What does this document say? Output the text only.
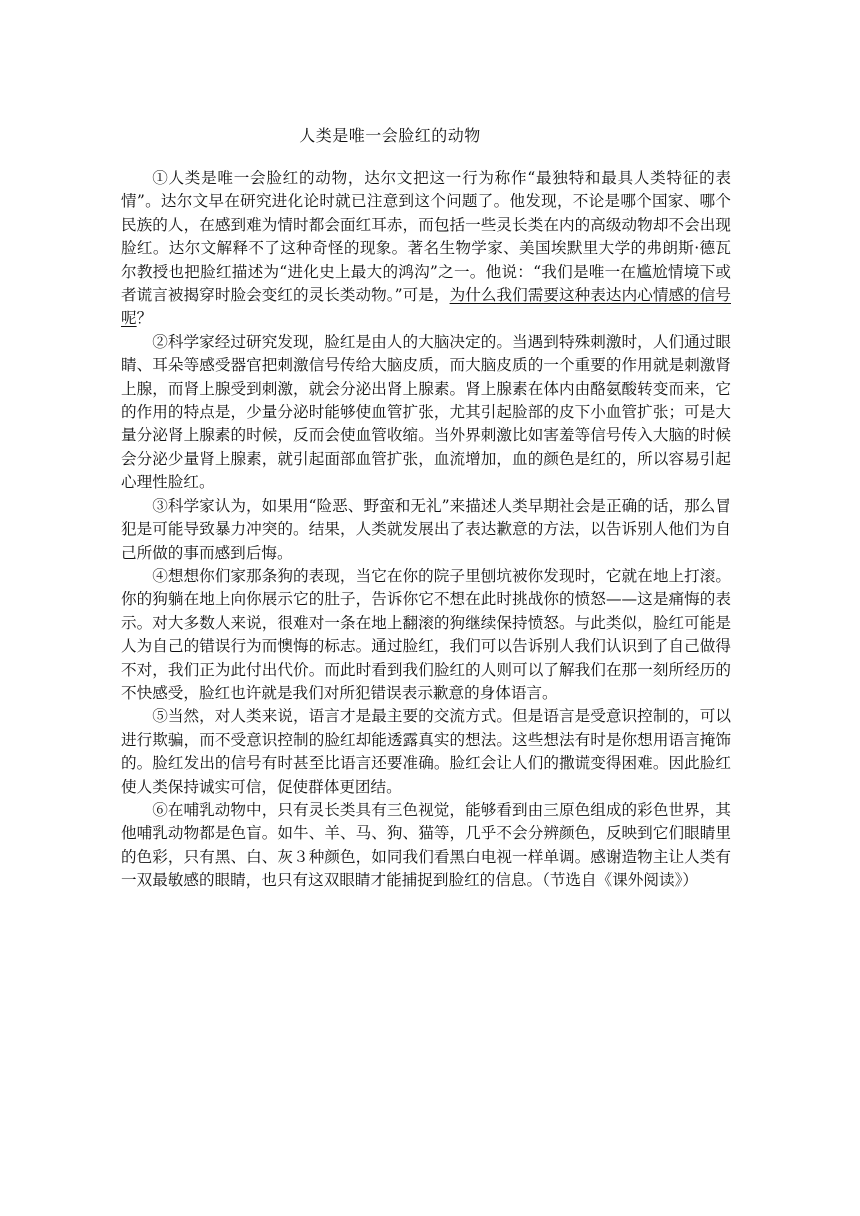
人类是唯一会脸红的动物

①人类是唯一会脸红的动物，达尔文把这一行为称作“最独特和最具人类特征的表情”。达尔文早在研究进化论时就已注意到这个问题了。他发现，不论是哪个国家、哪个民族的人，在感到难为情时都会面红耳赤，而包括一些灵长类在内的高级动物却不会出现脸红。达尔文解释不了这种奇怪的现象。著名生物学家、美国埃默里大学的弗朗斯·德瓦尔教授也把脸红描述为“进化史上最大的鸿沟”之一。他说：“我们是唯一在尴尬情境下或者谎言被揭穿时脸会变红的灵长类动物。”可是，为什么我们需要这种表达内心情感的信号呢？

②科学家经过研究发现，脸红是由人的大脑决定的。当遇到特殊刺激时，人们通过眼睛、耳朵等感受器官把刺激信号传给大脑皮质，而大脑皮质的一个重要的作用就是刺激肾上腺，而肾上腺受到刺激，就会分泌出肾上腺素。肾上腺素在体内由酪氨酸转变而来，它的作用的特点是，少量分泌时能够使血管扩张，尤其引起脸部的皮下小血管扩张；可是大量分泌肾上腺素的时候，反而会使血管收缩。当外界刺激比如害羞等信号传入大脑的时候会分泌少量肾上腺素，就引起面部血管扩张，血流增加，血的颜色是红的，所以容易引起心理性脸红。

③科学家认为，如果用“险恶、野蛮和无礼”来描述人类早期社会是正确的话，那么冒犯是可能导致暴力冲突的。结果，人类就发展出了表达歉意的方法，以告诉别人他们为自己所做的事而感到后悔。

④想想你们家那条狗的表现，当它在你的院子里刨坑被你发现时，它就在地上打滚。你的狗躺在地上向你展示它的肚子，告诉你它不想在此时挑战你的愤怒——这是痛悔的表示。对大多数人来说，很难对一条在地上翻滚的狗继续保持愤怒。与此类似，脸红可能是人为自己的错误行为而懊悔的标志。通过脸红，我们可以告诉别人我们认识到了自己做得不对，我们正为此付出代价。而此时看到我们脸红的人则可以了解我们在那一刻所经历的不快感受，脸红也许就是我们对所犯错误表示歉意的身体语言。

⑤当然，对人类来说，语言才是最主要的交流方式。但是语言是受意识控制的，可以进行欺骗，而不受意识控制的脸红却能透露真实的想法。这些想法有时是你想用语言掩饰的。脸红发出的信号有时甚至比语言还要准确。脸红会让人们的撒谎变得困难。因此脸红使人类保持诚实可信，促使群体更团结。

⑥在哺乳动物中，只有灵长类具有三色视觉，能够看到由三原色组成的彩色世界，其他哺乳动物都是色盲。如牛、羊、马、狗、猫等，几乎不会分辨颜色，反映到它们眼睛里的色彩，只有黑、白、灰３种颜色，如同我们看黑白电视一样单调。感谢造物主让人类有一双最敏感的眼睛，也只有这双眼睛才能捕捉到脸红的信息。（节选自《课外阅读》）
